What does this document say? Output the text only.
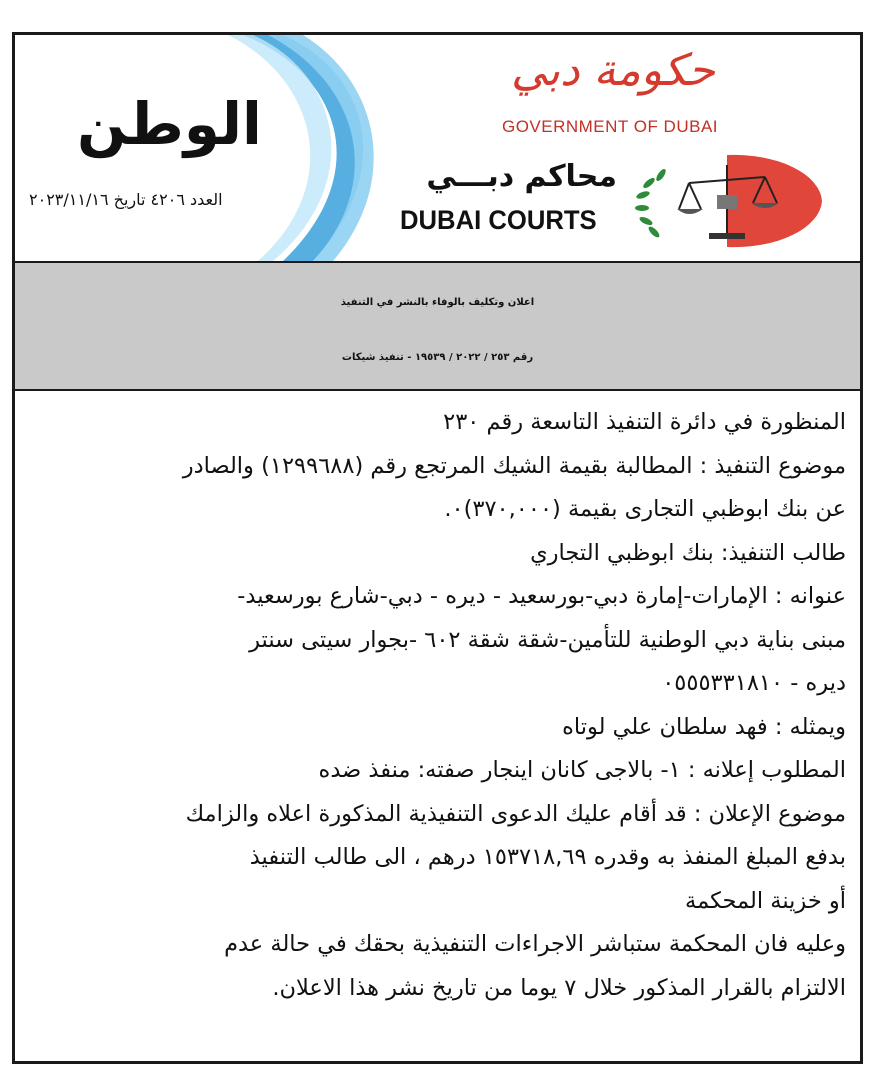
الوطن
العدد ٤٢٠٦ تاريخ ٢٠٢٣/١١/١٦
حكومة دبي
GOVERNMENT OF DUBAI
محاكم دبـــي
DUBAI COURTS
اعلان وتكليف بالوفاء بالنشر في التنفيذ
رقم ٢٥٣ / ٢٠٢٢ / ١٩٥٣٩ - تنفيذ شيكات
المنظورة في دائرة التنفيذ التاسعة رقم ٢٣٠
موضوع التنفيذ : المطالبة بقيمة الشيك المرتجع رقم (١٢٩٩٦٨٨) والصادر
عن بنك ابوظبي التجارى بقيمة (٣٧٠,٠٠٠)٠.
طالب التنفيذ: بنك ابوظبي التجاري
عنوانه : الإمارات-إمارة دبي-بورسعيد - ديره - دبي-شارع بورسعيد-
مبنى بناية دبي الوطنية للتأمين-شقة شقة ٦٠٢ -بجوار سيتى سنتر
ديره - ٠٥٥٥٣٣١٨١٠
ويمثله : فهد سلطان علي لوتاه
المطلوب إعلانه : ١- بالاجى كانان اينجار صفته: منفذ ضده
موضوع الإعلان : قد أقام عليك الدعوى التنفيذية المذكورة اعلاه والزامك
بدفع المبلغ المنفذ به وقدره ١٥٣٧١٨,٦٩ درهم ، الى طالب التنفيذ
أو خزينة المحكمة
وعليه فان المحكمة ستباشر الاجراءات التنفيذية بحقك في حالة عدم
الالتزام بالقرار المذكور خلال ٧ يوما من تاريخ نشر هذا الاعلان.
